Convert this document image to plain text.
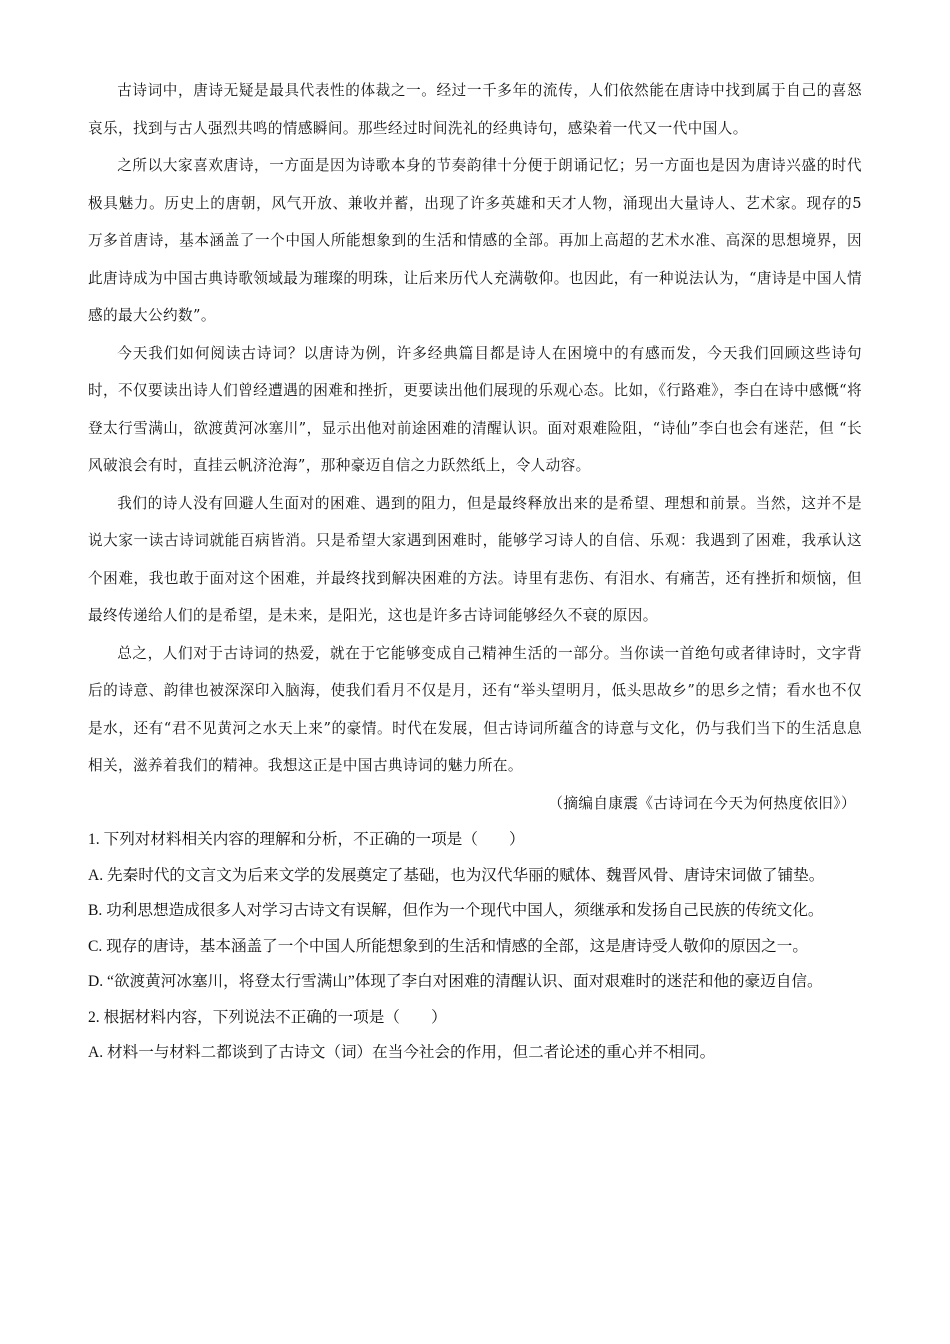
古诗词中，唐诗无疑是最具代表性的体裁之一。经过一千多年的流传，人们依然能在唐诗中找到属于自己的喜怒哀乐，找到与古人强烈共鸣的情感瞬间。那些经过时间洗礼的经典诗句，感染着一代又一代中国人。

之所以大家喜欢唐诗，一方面是因为诗歌本身的节奏韵律十分便于朗诵记忆；另一方面也是因为唐诗兴盛的时代极具魅力。历史上的唐朝，风气开放、兼收并蓄，出现了许多英雄和天才人物，涌现出大量诗人、艺术家。现存的5万多首唐诗，基本涵盖了一个中国人所能想象到的生活和情感的全部。再加上高超的艺术水准、高深的思想境界，因此唐诗成为中国古典诗歌领域最为璀璨的明珠，让后来历代人充满敬仰。也因此，有一种说法认为，“唐诗是中国人情感的最大公约数”。

今天我们如何阅读古诗词？以唐诗为例，许多经典篇目都是诗人在困境中的有感而发，今天我们回顾这些诗句时，不仅要读出诗人们曾经遭遇的困难和挫折，更要读出他们展现的乐观心态。比如，《行路难》，李白在诗中感慨“将登太行雪满山，欲渡黄河冰塞川”，显示出他对前途困难的清醒认识。面对艰难险阻，“诗仙”李白也会有迷茫，但 “长风破浪会有时，直挂云帆济沧海”，那种豪迈自信之力跃然纸上，令人动容。

我们的诗人没有回避人生面对的困难、遇到的阻力，但是最终释放出来的是希望、理想和前景。当然，这并不是说大家一读古诗词就能百病皆消。只是希望大家遇到困难时，能够学习诗人的自信、乐观：我遇到了困难，我承认这个困难，我也敢于面对这个困难，并最终找到解决困难的方法。诗里有悲伤、有泪水、有痛苦，还有挫折和烦恼，但最终传递给人们的是希望，是未来，是阳光，这也是许多古诗词能够经久不衰的原因。

总之，人们对于古诗词的热爱，就在于它能够变成自己精神生活的一部分。当你读一首绝句或者律诗时，文字背后的诗意、韵律也被深深印入脑海，使我们看月不仅是月，还有“举头望明月，低头思故乡”的思乡之情；看水也不仅是水，还有“君不见黄河之水天上来”的豪情。时代在发展，但古诗词所蕴含的诗意与文化，仍与我们当下的生活息息相关，滋养着我们的精神。我想这正是中国古典诗词的魅力所在。

（摘编自康震《古诗词在今天为何热度依旧》）

1. 下列对材料相关内容的理解和分析，不正确的一项是（　　）

A. 先秦时代的文言文为后来文学的发展奠定了基础，也为汉代华丽的赋体、魏晋风骨、唐诗宋词做了铺垫。

B. 功利思想造成很多人对学习古诗文有误解，但作为一个现代中国人，须继承和发扬自己民族的传统文化。

C. 现存的唐诗，基本涵盖了一个中国人所能想象到的生活和情感的全部，这是唐诗受人敬仰的原因之一。

D. “欲渡黄河冰塞川，将登太行雪满山”体现了李白对困难的清醒认识、面对艰难时的迷茫和他的豪迈自信。

2. 根据材料内容，下列说法不正确的一项是（　　）

A. 材料一与材料二都谈到了古诗文（词）在当今社会的作用，但二者论述的重心并不相同。
